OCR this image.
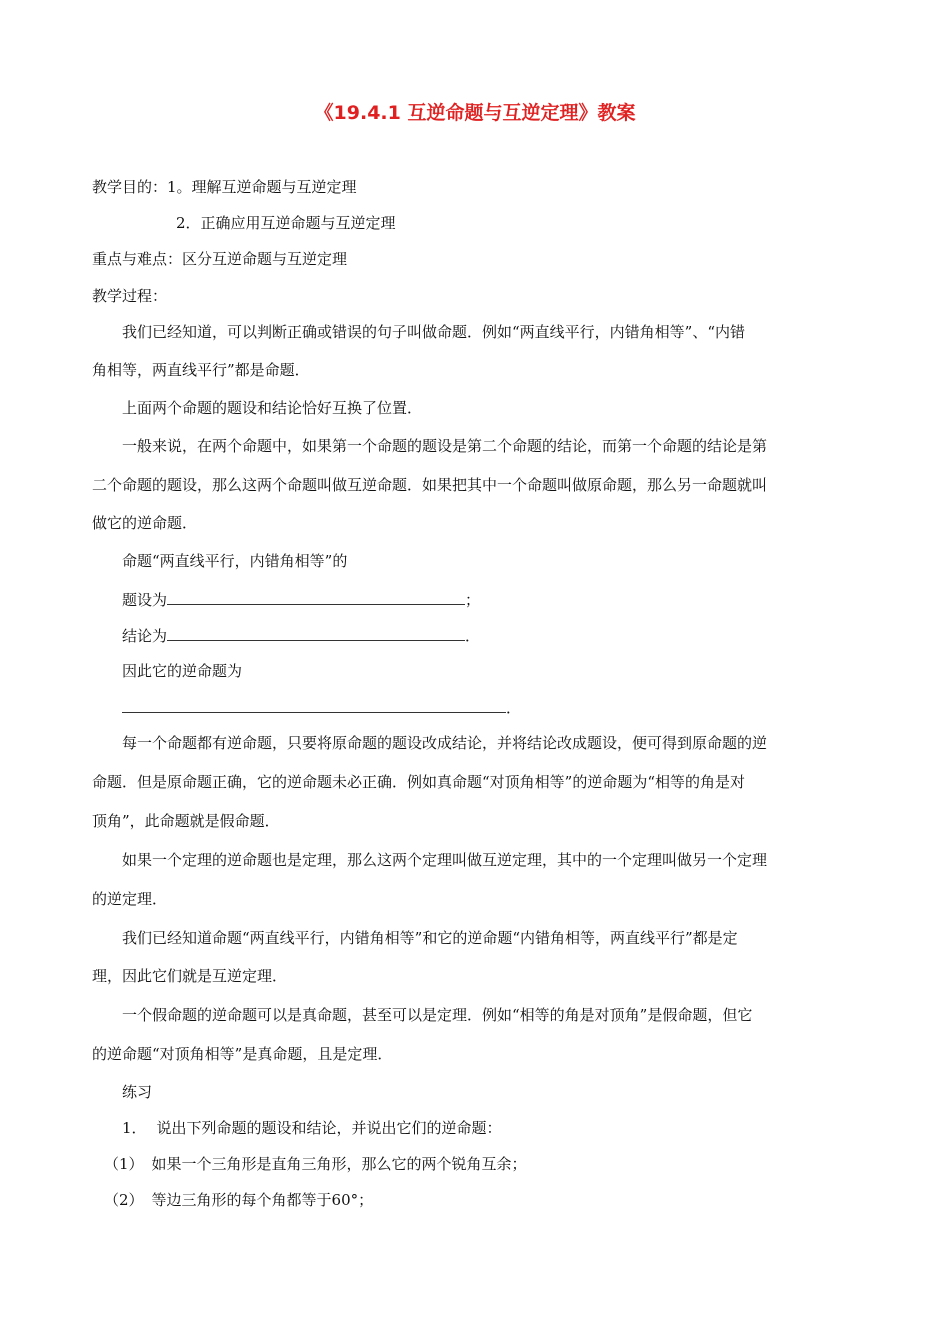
《19.4.1 互逆命题与互逆定理》教案
教学目的：1。理解互逆命题与互逆定理
2．正确应用互逆命题与互逆定理
重点与难点：区分互逆命题与互逆定理
教学过程：
我们已经知道，可以判断正确或错误的句子叫做命题．例如“两直线平行，内错角相等”、“内错
角相等，两直线平行”都是命题．
上面两个命题的题设和结论恰好互换了位置．
一般来说，在两个命题中，如果第一个命题的题设是第二个命题的结论，而第一个命题的结论是第
二个命题的题设，那么这两个命题叫做互逆命题．如果把其中一个命题叫做原命题，那么另一命题就叫
做它的逆命题．
命题“两直线平行，内错角相等”的
题设为	；
结论为	．
因此它的逆命题为
．
每一个命题都有逆命题，只要将原命题的题设改成结论，并将结论改成题设，便可得到原命题的逆
命题．但是原命题正确，它的逆命题未必正确．例如真命题“对顶角相等”的逆命题为“相等的角是对
顶角”，此命题就是假命题．
如果一个定理的逆命题也是定理，那么这两个定理叫做互逆定理，其中的一个定理叫做另一个定理
的逆定理．
我们已经知道命题“两直线平行，内错角相等”和它的逆命题“内错角相等，两直线平行”都是定
理，因此它们就是互逆定理．
一个假命题的逆命题可以是真命题，甚至可以是定理．例如“相等的角是对顶角”是假命题，但它
的逆命题“对顶角相等”是真命题，且是定理．
练习
1． 说出下列命题的题设和结论，并说出它们的逆命题：
（1） 如果一个三角形是直角三角形，那么它的两个锐角互余；
（2） 等边三角形的每个角都等于60°；
